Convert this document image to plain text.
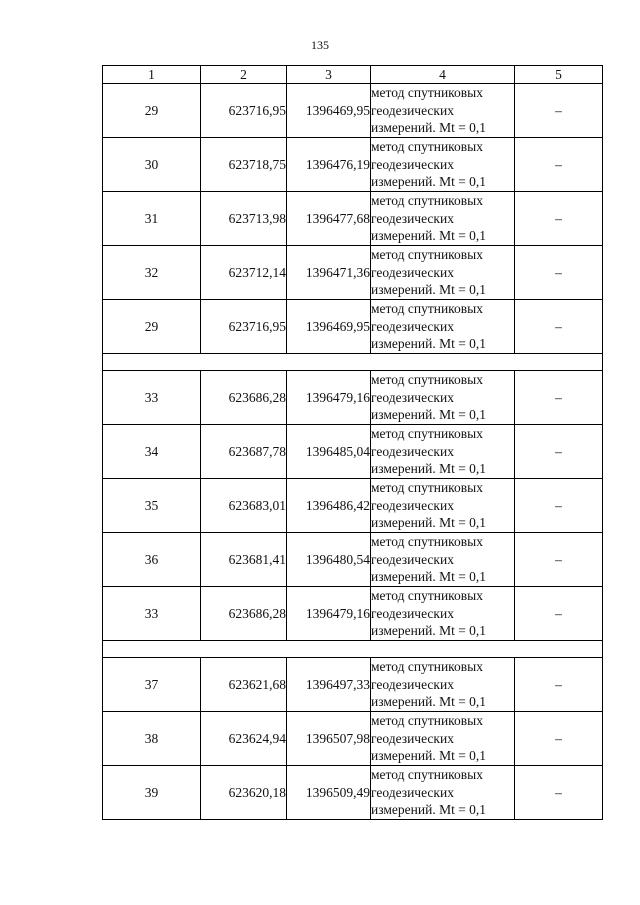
135
1	2	3	4	5
29	623716,95	1396469,95	метод спутниковых
геодезических
измерений. Mt = 0,1	–
30	623718,75	1396476,19	метод спутниковых
геодезических
измерений. Mt = 0,1	–
31	623713,98	1396477,68	метод спутниковых
геодезических
измерений. Mt = 0,1	–
32	623712,14	1396471,36	метод спутниковых
геодезических
измерений. Mt = 0,1	–
29	623716,95	1396469,95	метод спутниковых
геодезических
измерений. Mt = 0,1	–

33	623686,28	1396479,16	метод спутниковых
геодезических
измерений. Mt = 0,1	–
34	623687,78	1396485,04	метод спутниковых
геодезических
измерений. Mt = 0,1	–
35	623683,01	1396486,42	метод спутниковых
геодезических
измерений. Mt = 0,1	–
36	623681,41	1396480,54	метод спутниковых
геодезических
измерений. Mt = 0,1	–
33	623686,28	1396479,16	метод спутниковых
геодезических
измерений. Mt = 0,1	–

37	623621,68	1396497,33	метод спутниковых
геодезических
измерений. Mt = 0,1	–
38	623624,94	1396507,98	метод спутниковых
геодезических
измерений. Mt = 0,1	–
39	623620,18	1396509,49	метод спутниковых
геодезических
измерений. Mt = 0,1	–
